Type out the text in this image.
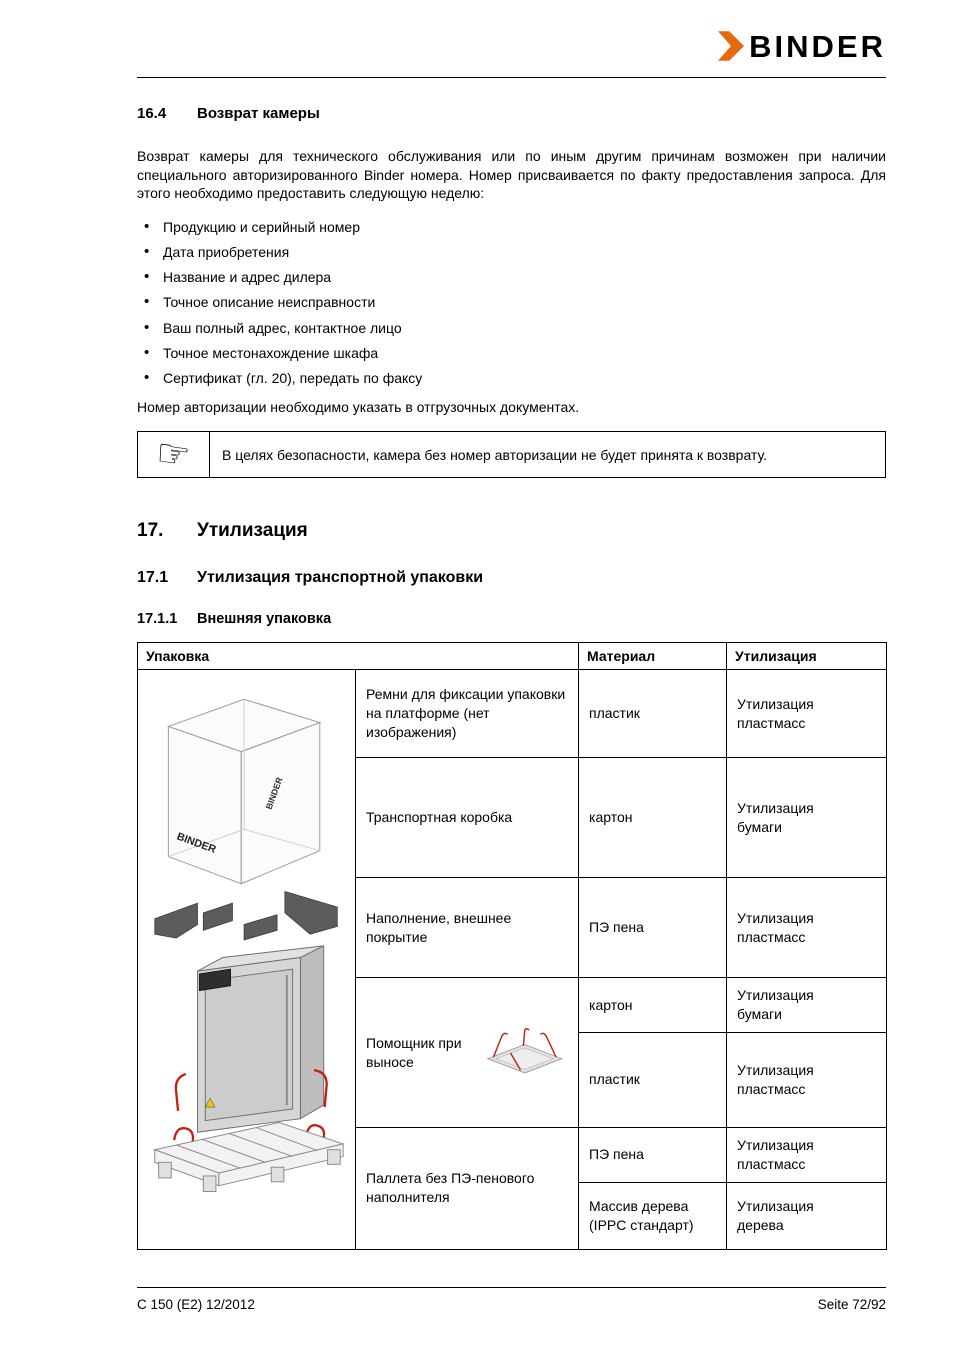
BINDER
16.4	Возврат камеры

Возврат камеры для технического обслуживания или по иным другим причинам возможен при наличии специального авторизированного Binder номера. Номер присваивается по факту предоставления запроса. Для этого необходимо предоставить следующую неделю:

• Продукцию и серийный номер
• Дата приобретения
• Название и адрес дилера
• Точное описание неисправности
• Ваш полный адрес, контактное лицо
• Точное местонахождение шкафа
• Сертификат (гл. 20), передать по факсу

Номер авторизации необходимо указать в отгрузочных документах.

☞	В целях безопасности, камера без номер авторизации не будет принята к возврату.
17.	Утилизация
17.1	Утилизация транспортной упаковки
17.1.1	Внешняя упаковка
Упаковка		Материал	Утилизация

BINDER
BINDER	Ремни для фиксации упаковки на платформе (нет изображения)	пластик	Утилизация пластмасс
	Транспортная коробка	картон	Утилизация бумаги
	Наполнение, внешнее покрытие	ПЭ пена	Утилизация пластмасс

	Помощник при выносе	картон	Утилизация бумаги
		пластик	Утилизация пластмасс
	Паллета без ПЭ-пенового наполнителя	ПЭ пена	Утилизация пластмасс
		Массив дерева (IPPC стандарт)	Утилизация дерева
C 150 (E2) 12/2012	Seite 72/92
